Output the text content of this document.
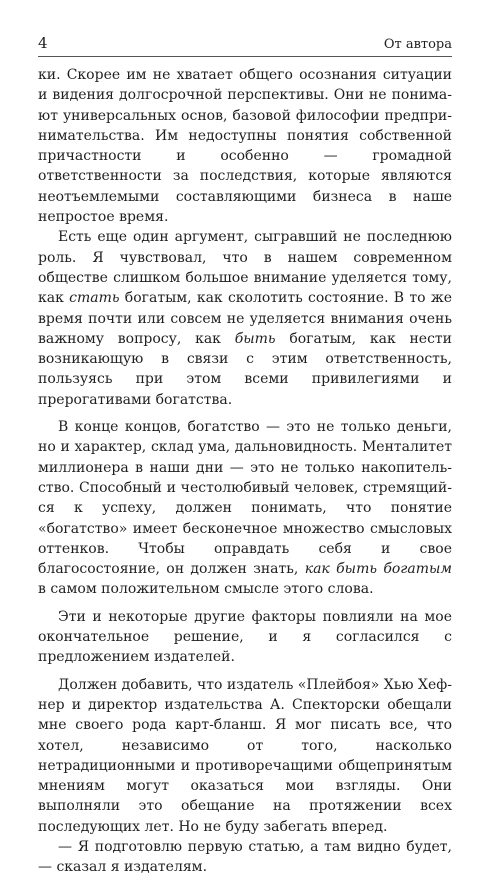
4	От автора

ки. Скорее им не хватает общего осознания ситуации и видения долгосрочной перспективы. Они не понимают универсальных основ, базовой философии предпринимательства. Им недоступны понятия собственной причастности и особенно — громадной ответственности за последствия, которые являются неотъемлемыми составляющими бизнеса в наше непростое время.

Есть еще один аргумент, сыгравший не последнюю роль. Я чувствовал, что в нашем современном обществе слишком большое внимание уделяется тому, как стать богатым, как сколотить состояние. В то же время почти или совсем не уделяется внимания очень важному вопросу, как быть богатым, как нести возникающую в связи с этим ответственность, пользуясь при этом всеми привилегиями и прерогативами богатства.

В конце концов, богатство — это не только деньги, но и характер, склад ума, дальновидность. Менталитет миллионера в наши дни — это не только накопительство. Способный и честолюбивый человек, стремящийся к успеху, должен понимать, что понятие «богатство» имеет бесконечное множество смысловых оттенков. Чтобы оправдать себя и свое благосостояние, он должен знать, как быть богатым в самом положительном смысле этого слова.

Эти и некоторые другие факторы повлияли на мое окончательное решение, и я согласился с предложением издателей.

Должен добавить, что издатель «Плейбоя» Хью Хефнер и директор издательства А. Спекторски обещали мне своего рода карт-бланш. Я мог писать все, что хотел, независимо от того, насколько нетрадиционными и противоречащими общепринятым мнениям могут оказаться мои взгляды. Они выполняли это обещание на протяжении всех последующих лет. Но не буду забегать вперед.

— Я подготовлю первую статью, а там видно будет, — сказал я издателям.
